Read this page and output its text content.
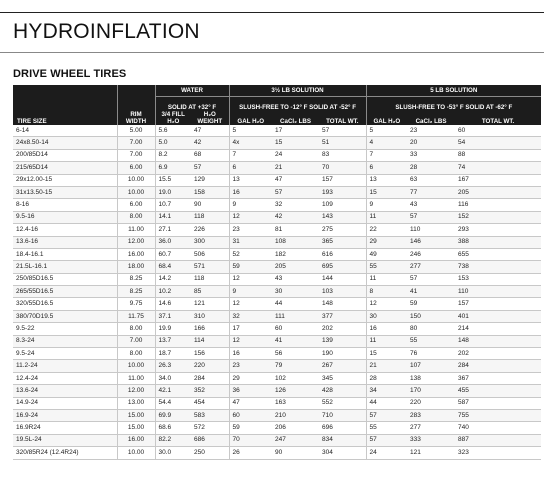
HYDROINFLATION
DRIVE WHEEL TIRES
TIRE SIZE	RIM WIDTH	WATER		3½ LB SOLUTION			5 LB SOLUTION		
		SOLID AT +32° F		SLUSH-FREE TO -12° F SOLID AT -52° F			SLUSH-FREE TO -53° F SOLID AT -62° F		
		3/4 FILL H₂O	H₂O WEIGHT	GAL H₂O	CaCl₂ LBS	TOTAL WT.	GAL H₂O	CaCl₂ LBS	TOTAL WT.
6-14	5.00	5.6	47	5	17	57	5	23	60
24x8.50-14	7.00	5.0	42	4x	15	51	4	20	54
200/85D14	7.00	8.2	68	7	24	83	7	33	88
215/65D14	6.00	6.9	57	6	21	70	6	28	74
29x12.00-15	10.00	15.5	129	13	47	157	13	63	167
31x13.50-15	10.00	19.0	158	16	57	193	15	77	205
8-16	6.00	10.7	90	9	32	109	9	43	116
9.5-16	8.00	14.1	118	12	42	143	11	57	152
12.4-16	11.00	27.1	226	23	81	275	22	110	293
13.6-16	12.00	36.0	300	31	108	365	29	146	388
18.4-16.1	16.00	60.7	506	52	182	616	49	246	655
21.5L-16.1	18.00	68.4	571	59	205	695	55	277	738
250/85D16.5	8.25	14.2	118	12	43	144	11	57	153
265/55D16.5	8.25	10.2	85	9	30	103	8	41	110
320/55D16.5	9.75	14.6	121	12	44	148	12	59	157
380/70D19.5	11.75	37.1	310	32	111	377	30	150	401
9.5-22	8.00	19.9	166	17	60	202	16	80	214
8.3-24	7.00	13.7	114	12	41	139	11	55	148
9.5-24	8.00	18.7	156	16	56	190	15	76	202
11.2-24	10.00	26.3	220	23	79	267	21	107	284
12.4-24	11.00	34.0	284	29	102	345	28	138	367
13.6-24	12.00	42.1	352	36	126	428	34	170	455
14.9-24	13.00	54.4	454	47	163	552	44	220	587
16.9-24	15.00	69.9	583	60	210	710	57	283	755
16.9R24	15.00	68.6	572	59	206	696	55	277	740
19.5L-24	16.00	82.2	686	70	247	834	57	333	887
320/85R24 (12.4R24)	10.00	30.0	250	26	90	304	24	121	323
